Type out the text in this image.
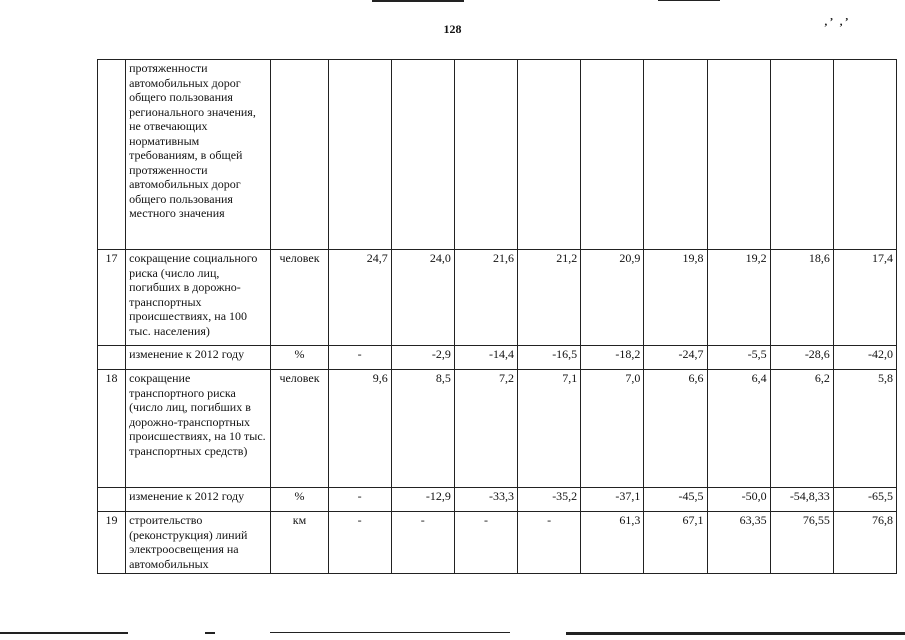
128	‚’ ‚’
	протяженности автомобильных дорог общего пользования регионального значения, не отвечающих нормативным требованиям, в общей протяженности автомобильных дорог общего пользования местного значения										
17	сокращение социального риска (число лиц, погибших в дорожно-транспортных происшествиях, на 100 тыс. населения)	человек	24,7	24,0	21,6	21,2	20,9	19,8	19,2	18,6	17,4
	изменение к 2012 году	%	-	-2,9	-14,4	-16,5	-18,2	-24,7	-5,5	-28,6	-42,0
18	сокращение транспортного риска (число лиц, погибших в дорожно-транспортных происшествиях, на 10 тыс. транспортных средств)	человек	9,6	8,5	7,2	7,1	7,0	6,6	6,4	6,2	5,8
	изменение к 2012 году	%	-	-12,9	-33,3	-35,2	-37,1	-45,5	-50,0	-54,8,33	-65,5
19	строительство (реконструкция) линий электроосвещения на автомобильных	км	-	-	-	-	61,3	67,1	63,35	76,55	76,8
